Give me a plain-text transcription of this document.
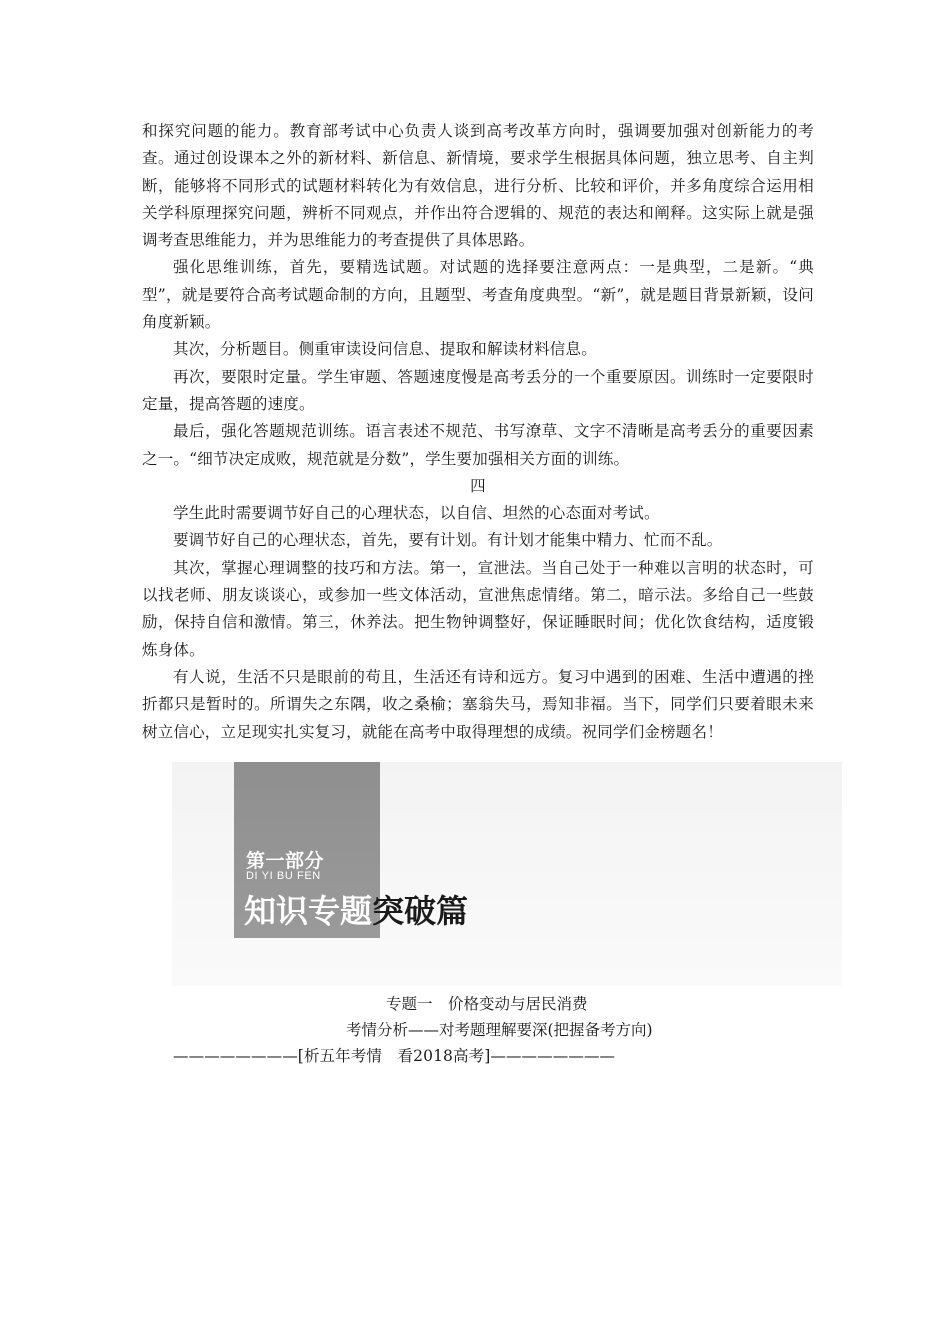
和探究问题的能力。教育部考试中心负责人谈到高考改革方向时，强调要加强对创新能力的考查。通过创设课本之外的新材料、新信息、新情境，要求学生根据具体问题，独立思考、自主判断，能够将不同形式的试题材料转化为有效信息，进行分析、比较和评价，并多角度综合运用相关学科原理探究问题，辨析不同观点，并作出符合逻辑的、规范的表达和阐释。这实际上就是强调考查思维能力，并为思维能力的考查提供了具体思路。

强化思维训练，首先，要精选试题。对试题的选择要注意两点：一是典型，二是新。“典型”，就是要符合高考试题命制的方向，且题型、考查角度典型。“新”，就是题目背景新颖，设问角度新颖。

其次，分析题目。侧重审读设问信息、提取和解读材料信息。

再次，要限时定量。学生审题、答题速度慢是高考丢分的一个重要原因。训练时一定要限时定量，提高答题的速度。

最后，强化答题规范训练。语言表述不规范、书写潦草、文字不清晰是高考丢分的重要因素之一。“细节决定成败，规范就是分数”，学生要加强相关方面的训练。

四

学生此时需要调节好自己的心理状态，以自信、坦然的心态面对考试。

要调节好自己的心理状态，首先，要有计划。有计划才能集中精力、忙而不乱。

其次，掌握心理调整的技巧和方法。第一，宣泄法。当自己处于一种难以言明的状态时，可以找老师、朋友谈谈心，或参加一些文体活动，宣泄焦虑情绪。第二，暗示法。多给自己一些鼓励，保持自信和激情。第三，休养法。把生物钟调整好，保证睡眠时间；优化饮食结构，适度锻炼身体。

有人说，生活不只是眼前的苟且，生活还有诗和远方。复习中遇到的困难、生活中遭遇的挫折都只是暂时的。所谓失之东隅，收之桑榆；塞翁失马，焉知非福。当下，同学们只要着眼未来树立信心，立足现实扎实复习，就能在高考中取得理想的成绩。祝同学们金榜题名！

第一部分
DI YI BU FEN
知识专题突破篇
专题一　价格变动与居民消费
考情分析——对考题理解要深(把握备考方向)
————————[析五年考情　看2018高考]————————
